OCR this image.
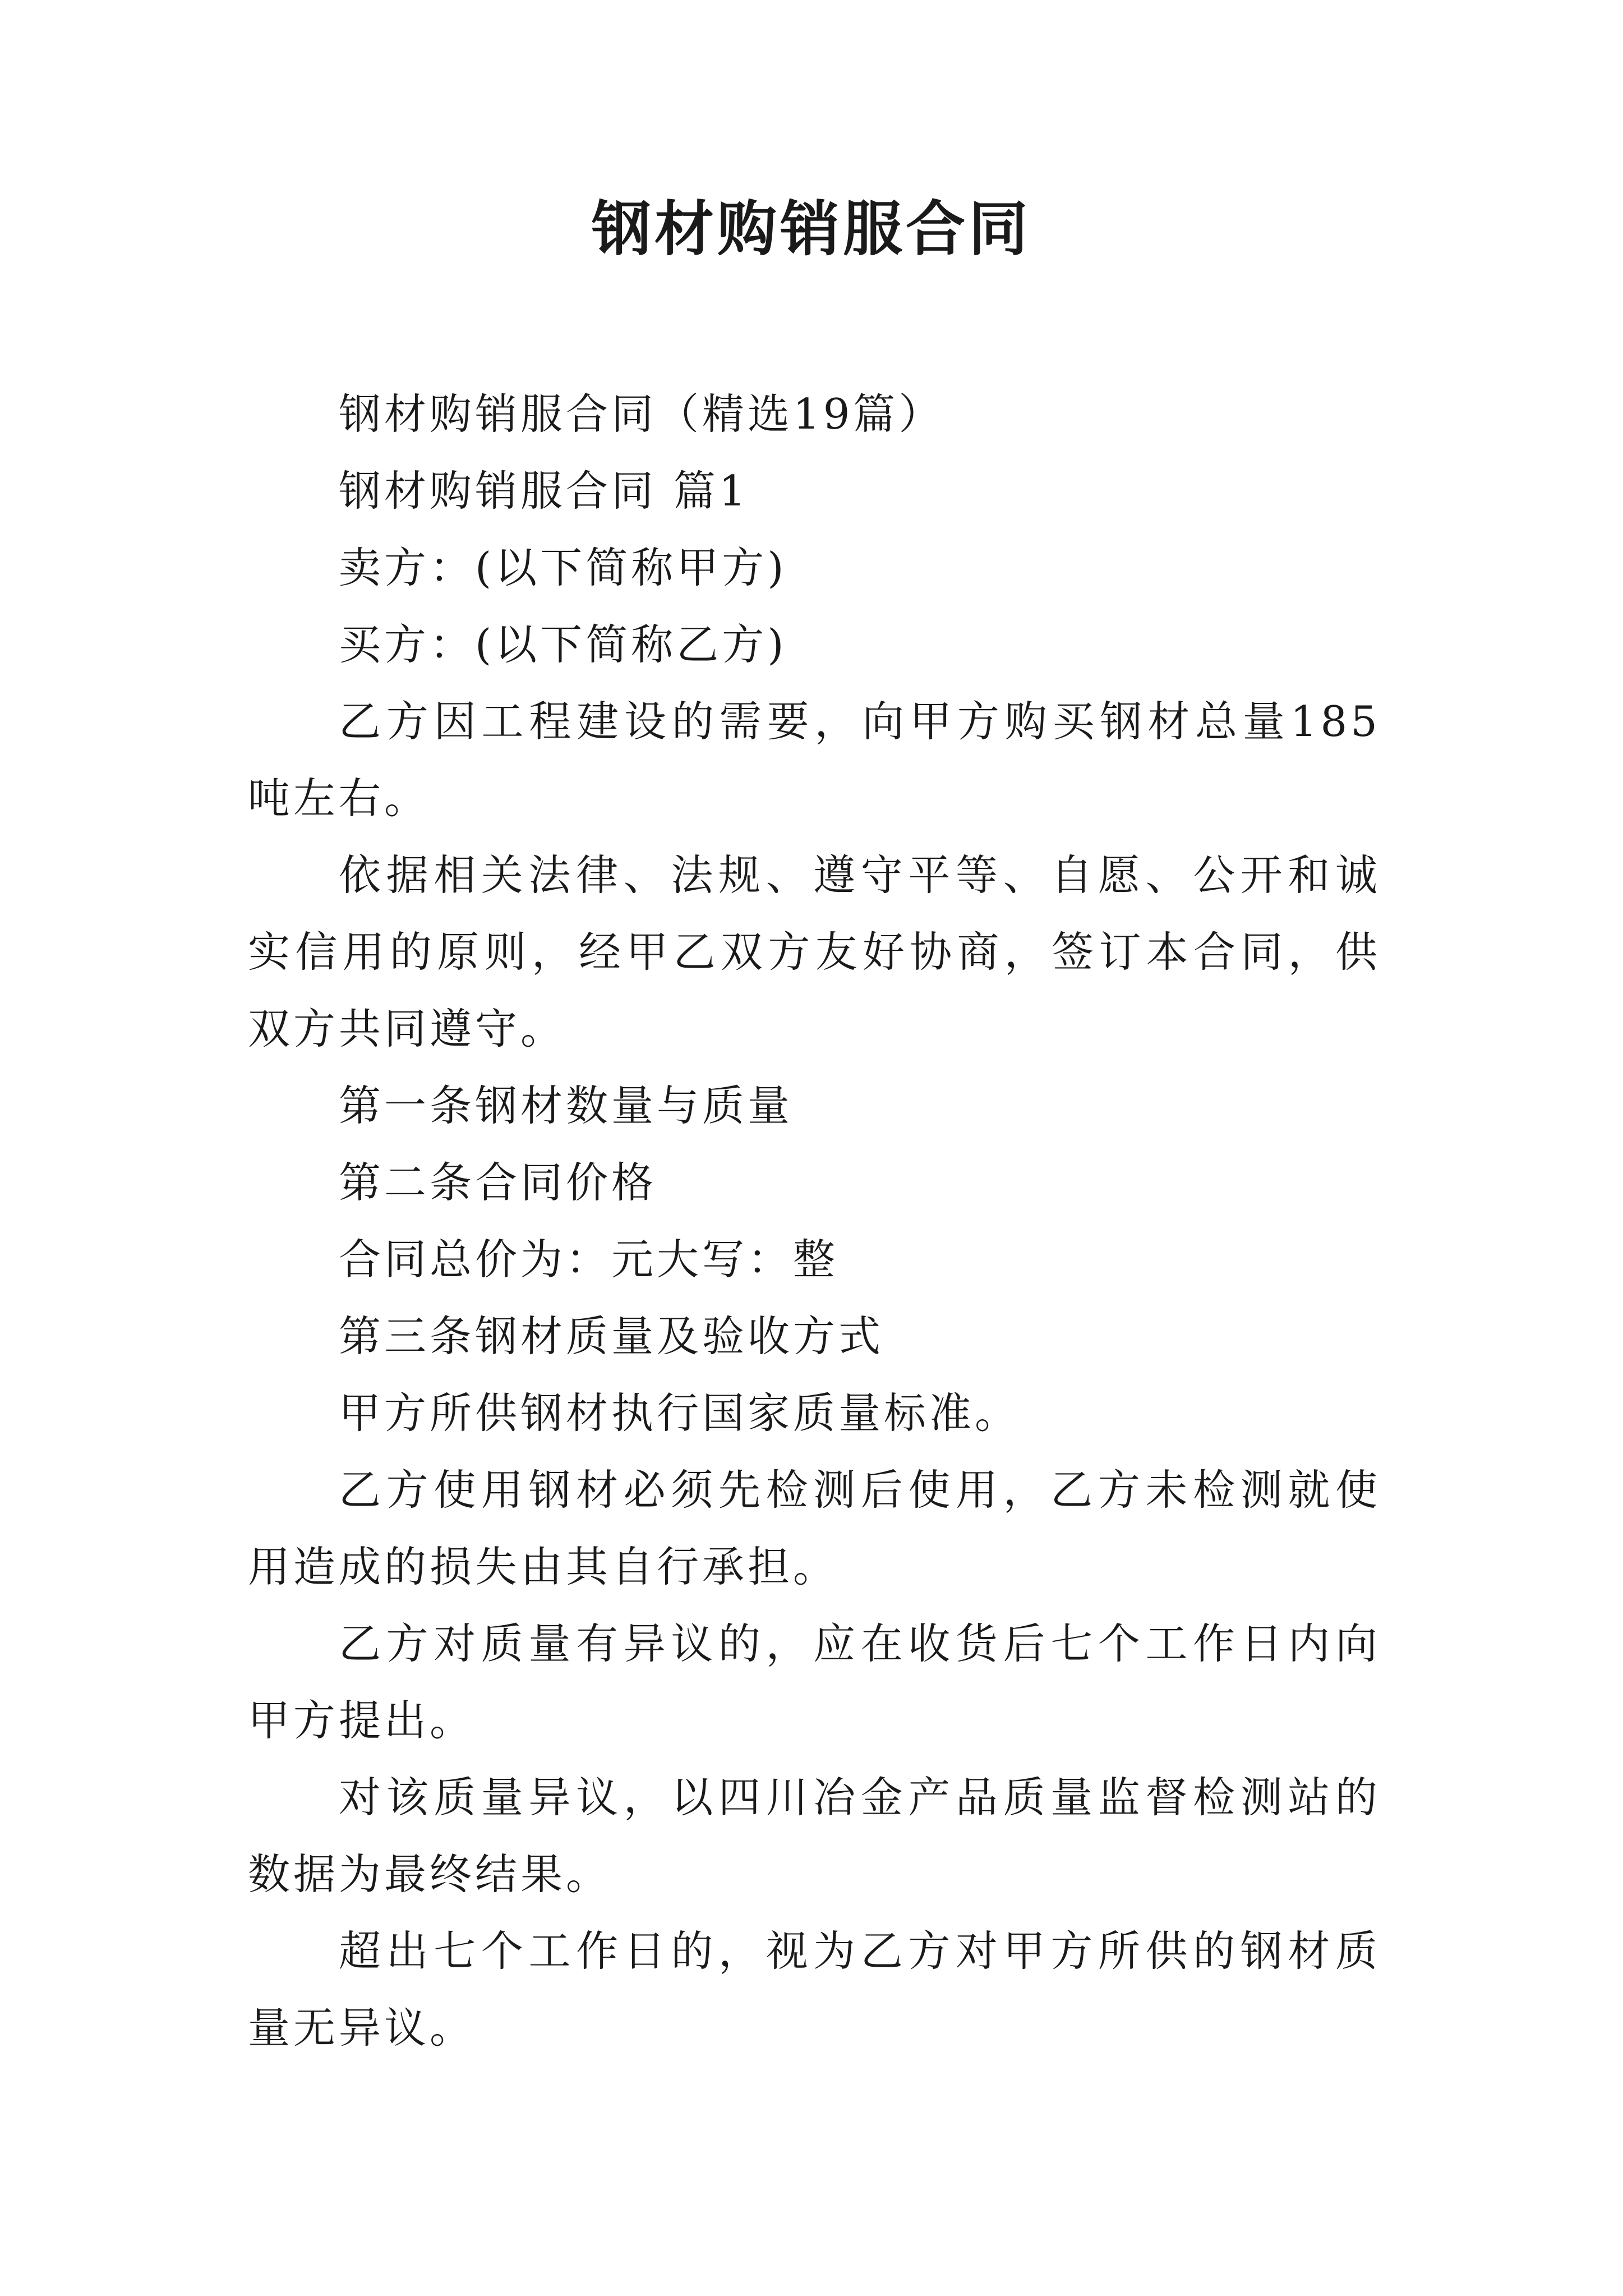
钢材购销服合同

钢材购销服合同（精选19篇）

钢材购销服合同 篇1

卖方：(以下简称甲方)

买方：(以下简称乙方)

乙方因工程建设的需要，向甲方购买钢材总量185吨左右。

依据相关法律、法规、遵守平等、自愿、公开和诚实信用的原则，经甲乙双方友好协商，签订本合同，供双方共同遵守。

第一条钢材数量与质量

第二条合同价格

合同总价为：元大写：整

第三条钢材质量及验收方式

甲方所供钢材执行国家质量标准。

乙方使用钢材必须先检测后使用，乙方未检测就使用造成的损失由其自行承担。

乙方对质量有异议的，应在收货后七个工作日内向甲方提出。

对该质量异议，以四川冶金产品质量监督检测站的数据为最终结果。

超出七个工作日的，视为乙方对甲方所供的钢材质量无异议。
